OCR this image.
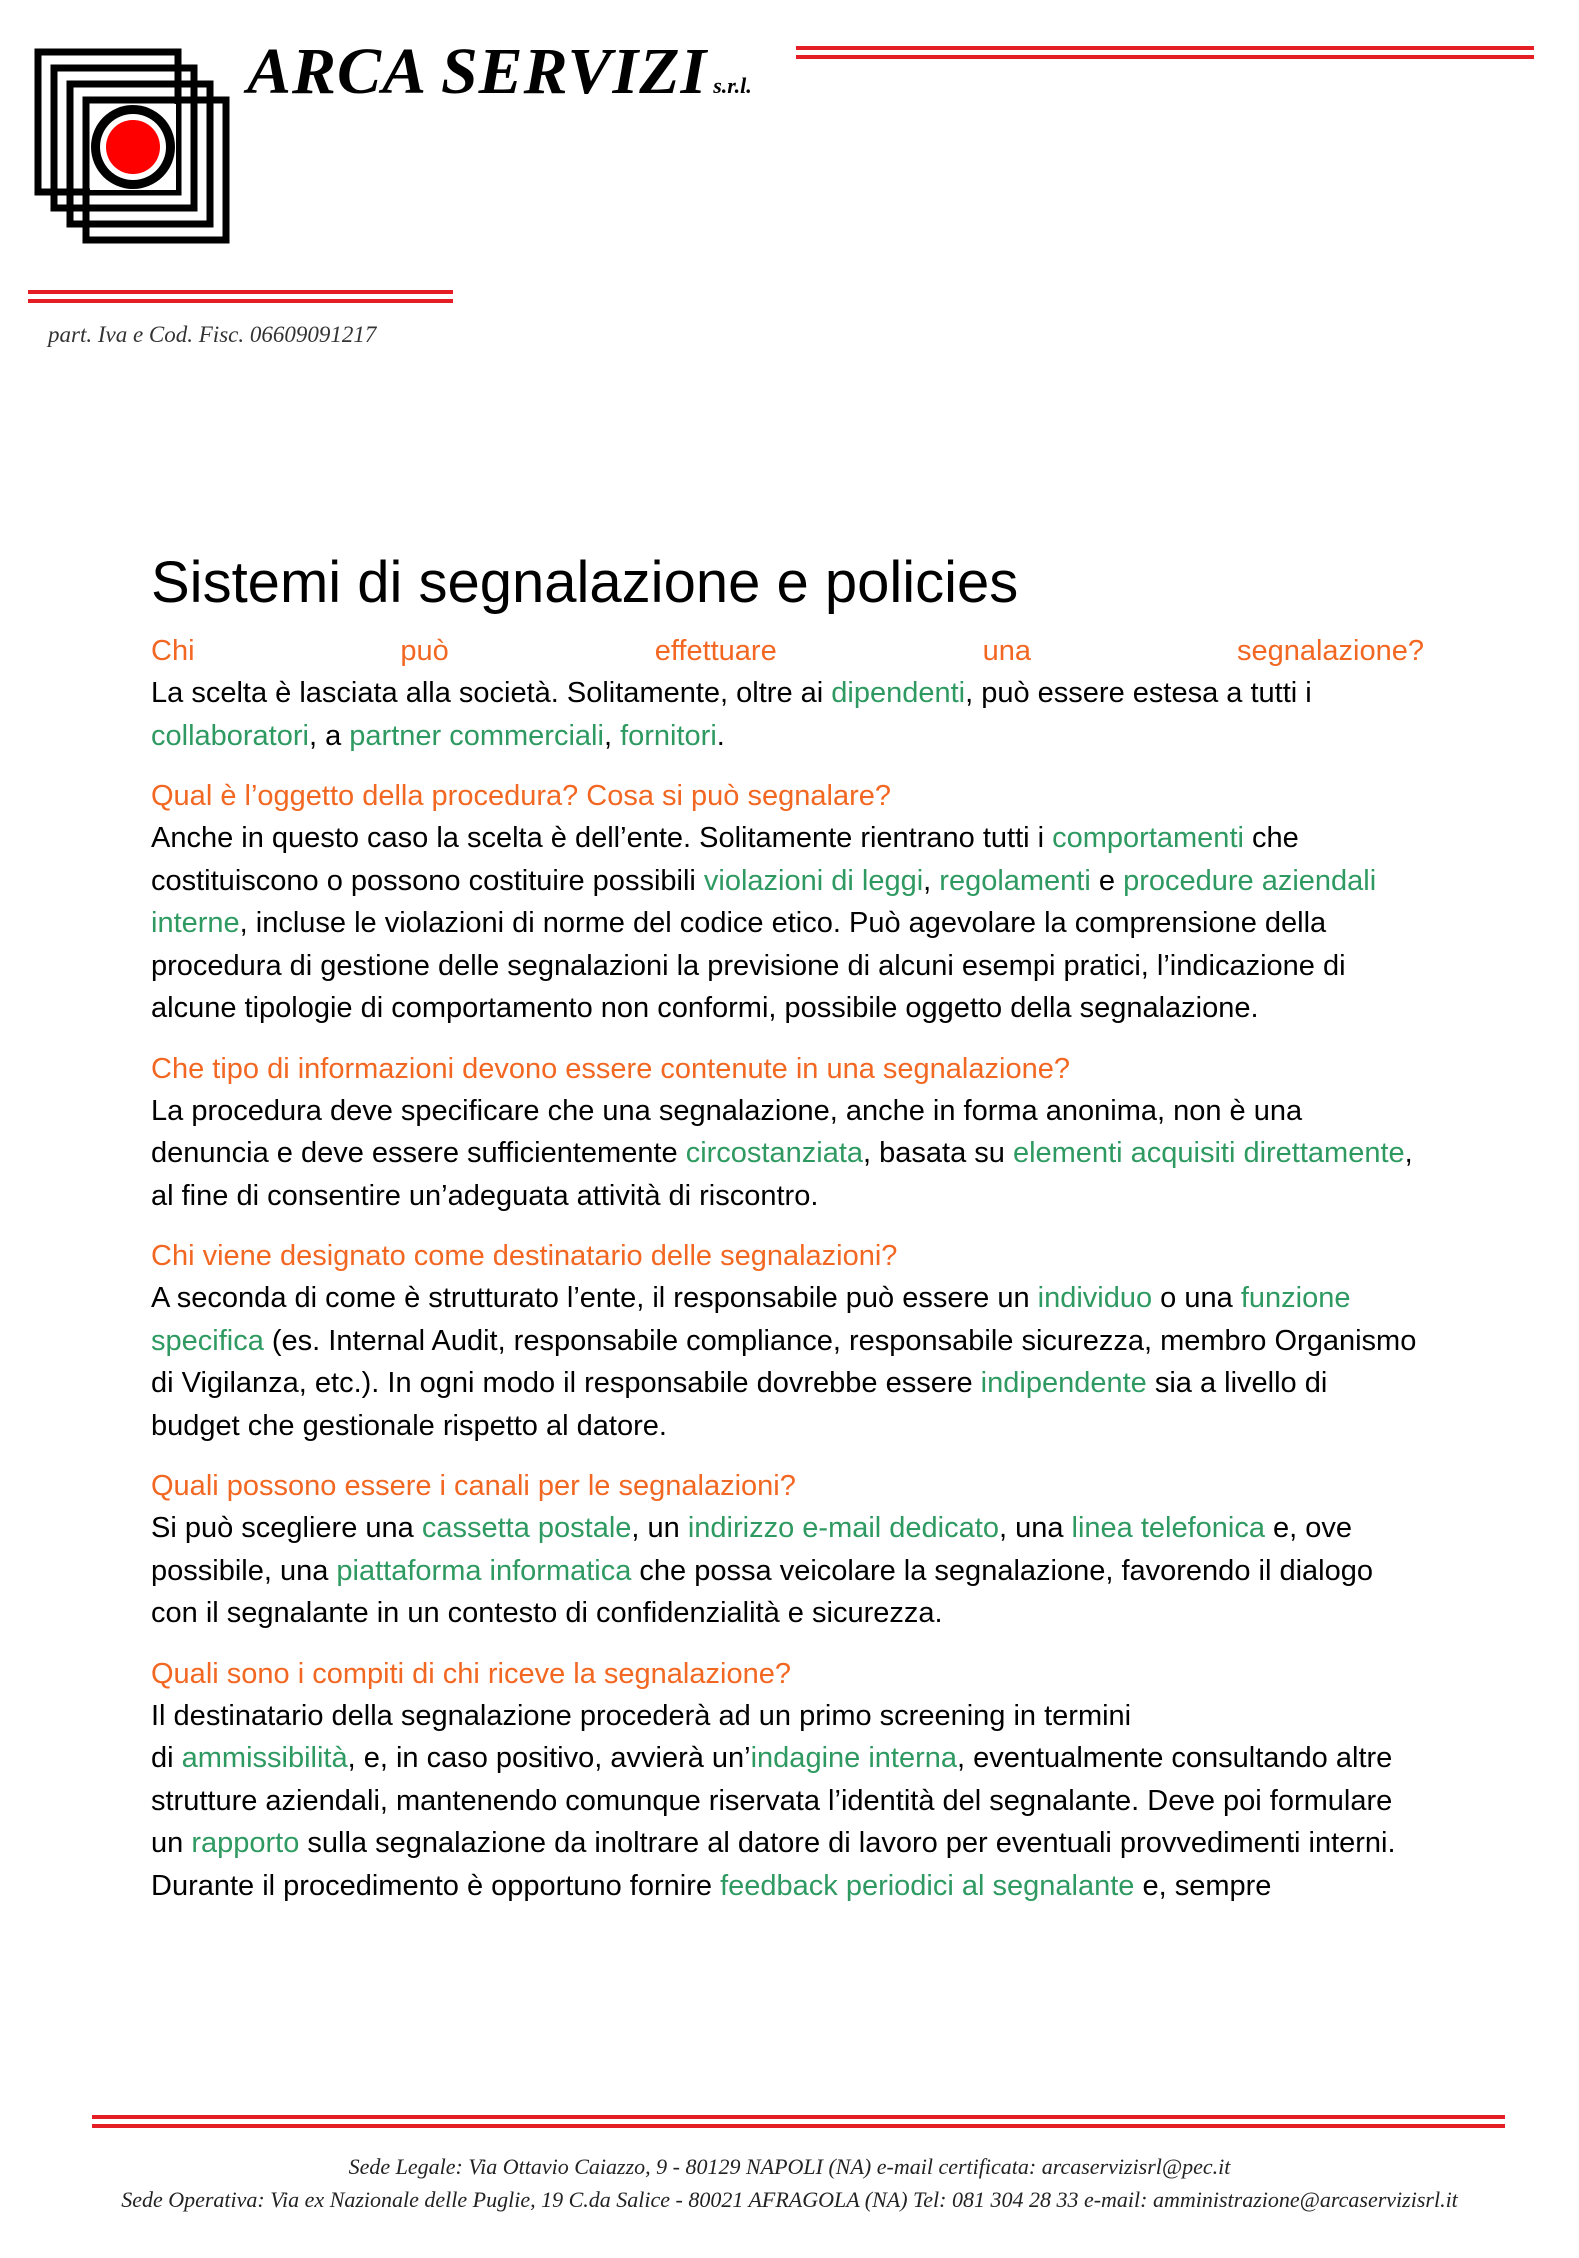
ARCA SERVIZI s.r.l.
part. Iva e Cod. Fisc. 06609091217
Sistemi di segnalazione e policies
Chi	può	effettuare	una	segnalazione?
La scelta è lasciata alla società. Solitamente, oltre ai dipendenti, può essere estesa a tutti i collaboratori, a partner commerciali, fornitori.
Qual è l’oggetto della procedura? Cosa si può segnalare?
Anche in questo caso la scelta è dell’ente. Solitamente rientrano tutti i comportamenti che costituiscono o possono costituire possibili violazioni di leggi, regolamenti e procedure aziendali interne, incluse le violazioni di norme del codice etico. Può agevolare la comprensione della procedura di gestione delle segnalazioni la previsione di alcuni esempi pratici, l’indicazione di alcune tipologie di comportamento non conformi, possibile oggetto della segnalazione.
Che tipo di informazioni devono essere contenute in una segnalazione?
La procedura deve specificare che una segnalazione, anche in forma anonima, non è una denuncia e deve essere sufficientemente circostanziata, basata su elementi acquisiti direttamente, al fine di consentire un’adeguata attività di riscontro.
Chi viene designato come destinatario delle segnalazioni?
A seconda di come è strutturato l’ente, il responsabile può essere un individuo o una funzione specifica (es. Internal Audit, responsabile compliance, responsabile sicurezza, membro Organismo di Vigilanza, etc.). In ogni modo il responsabile dovrebbe essere indipendente sia a livello di budget che gestionale rispetto al datore.
Quali possono essere i canali per le segnalazioni?
Si può scegliere una cassetta postale, un indirizzo e-mail dedicato, una linea telefonica e, ove possibile, una piattaforma informatica che possa veicolare la segnalazione, favorendo il dialogo con il segnalante in un contesto di confidenzialità e sicurezza.
Quali sono i compiti di chi riceve la segnalazione?
Il destinatario della segnalazione procederà ad un primo screening in termini
di ammissibilità, e, in caso positivo, avvierà un’indagine interna, eventualmente consultando altre strutture aziendali, mantenendo comunque riservata l’identità del segnalante. Deve poi formulare un rapporto sulla segnalazione da inoltrare al datore di lavoro per eventuali provvedimenti interni.
Durante il procedimento è opportuno fornire feedback periodici al segnalante e, sempre
Sede Legale: Via Ottavio Caiazzo, 9 - 80129 NAPOLI (NA) e-mail certificata: arcaservizisrl@pec.it
Sede Operativa: Via ex Nazionale delle Puglie, 19 C.da Salice - 80021 AFRAGOLA (NA) Tel: 081 304 28 33 e-mail: amministrazione@arcaservizisrl.it
